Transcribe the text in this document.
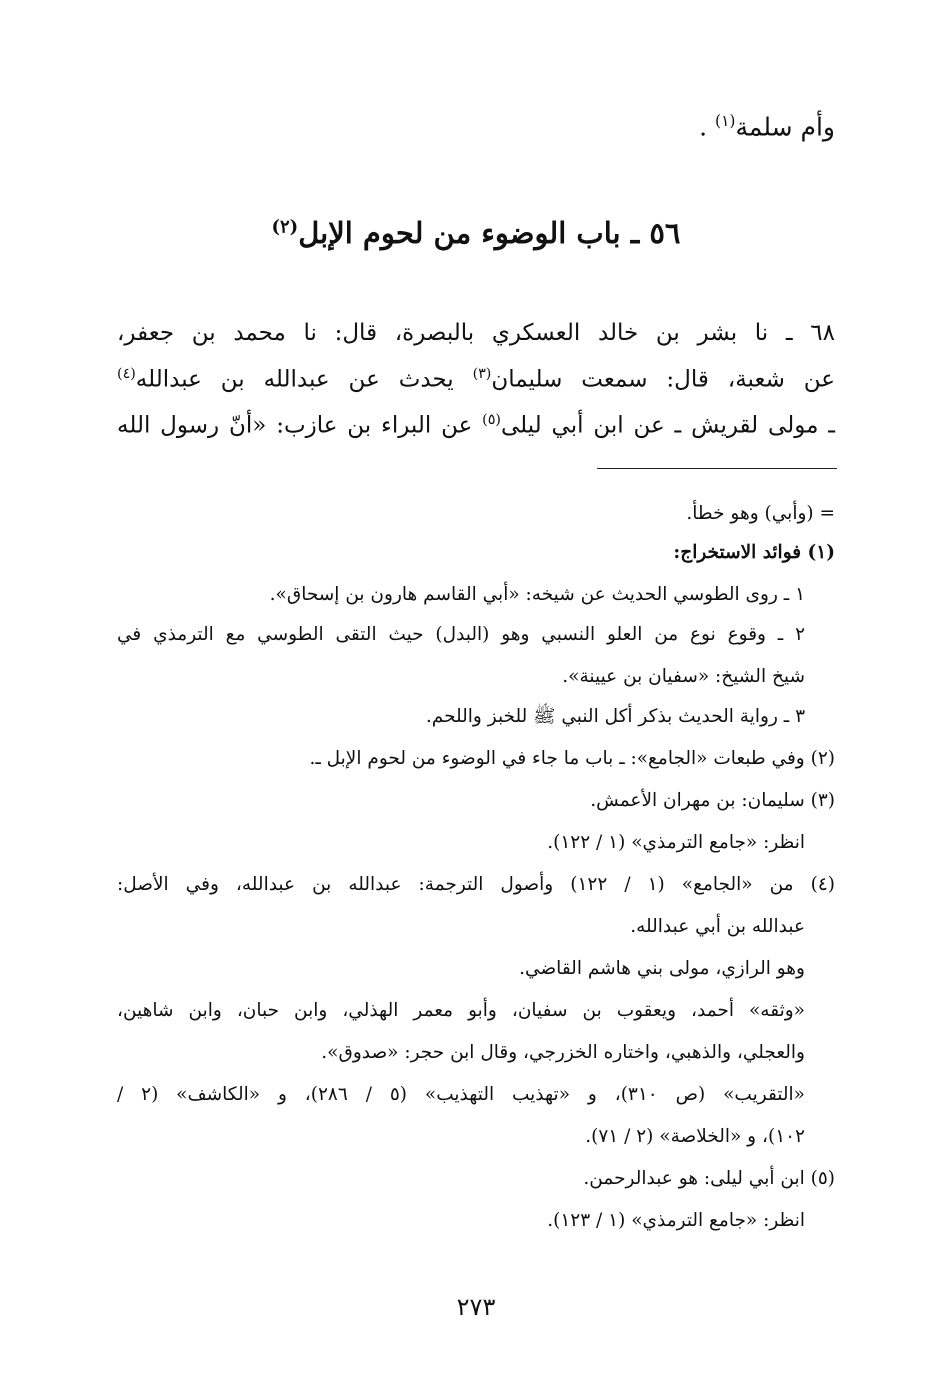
وأم سلمة$^{(١)}$ .
٥٦ ـ باب الوضوء من لحوم الإبل$^{(٢)}$
٦٨ ـ نا بشر بن خالد العسكري بالبصرة، قال: نا محمد بن جعفر،
عن شعبة، قال: سمعت سليمان$^{(٣)}$ يحدث عن عبدالله بن عبدالله$^{(٤)}$
ـ مولى لقريش ـ عن ابن أبي ليلى$^{(٥)}$ عن البراء بن عازب: «أنّ رسول الله
= (وأبي) وهو خطأ.
(١) فوائد الاستخراج:
١ ـ روى الطوسي الحديث عن شيخه: «أبي القاسم هارون بن إسحاق».
٢ ـ وقوع نوع من العلو النسبي وهو (البدل) حيث التقى الطوسي مع الترمذي في
شيخ الشيخ: «سفيان بن عيينة».
٣ ـ رواية الحديث بذكر أكل النبي ﷺ للخبز واللحم.
(٢) وفي طبعات «الجامع»: ـ باب ما جاء في الوضوء من لحوم الإبل ـ.
(٣) سليمان: بن مهران الأعمش.
انظر: «جامع الترمذي» (١ / ١٢٢).
(٤) من «الجامع» (١ / ١٢٢) وأصول الترجمة: عبدالله بن عبدالله، وفي الأصل:
عبدالله بن أبي عبدالله.
وهو الرازي، مولى بني هاشم القاضي.
«وثقه» أحمد، ويعقوب بن سفيان، وأبو معمر الهذلي، وابن حبان، وابن شاهين،
والعجلي، والذهبي، واختاره الخزرجي، وقال ابن حجر: «صدوق».
«التقريب» (ص ٣١٠)، و «تهذيب التهذيب» (٥ / ٢٨٦)، و «الكاشف» (٢ /
١٠٢)، و «الخلاصة» (٢ / ٧١).
(٥) ابن أبي ليلى: هو عبدالرحمن.
انظر: «جامع الترمذي» (١ / ١٢٣).
٢٧٣
